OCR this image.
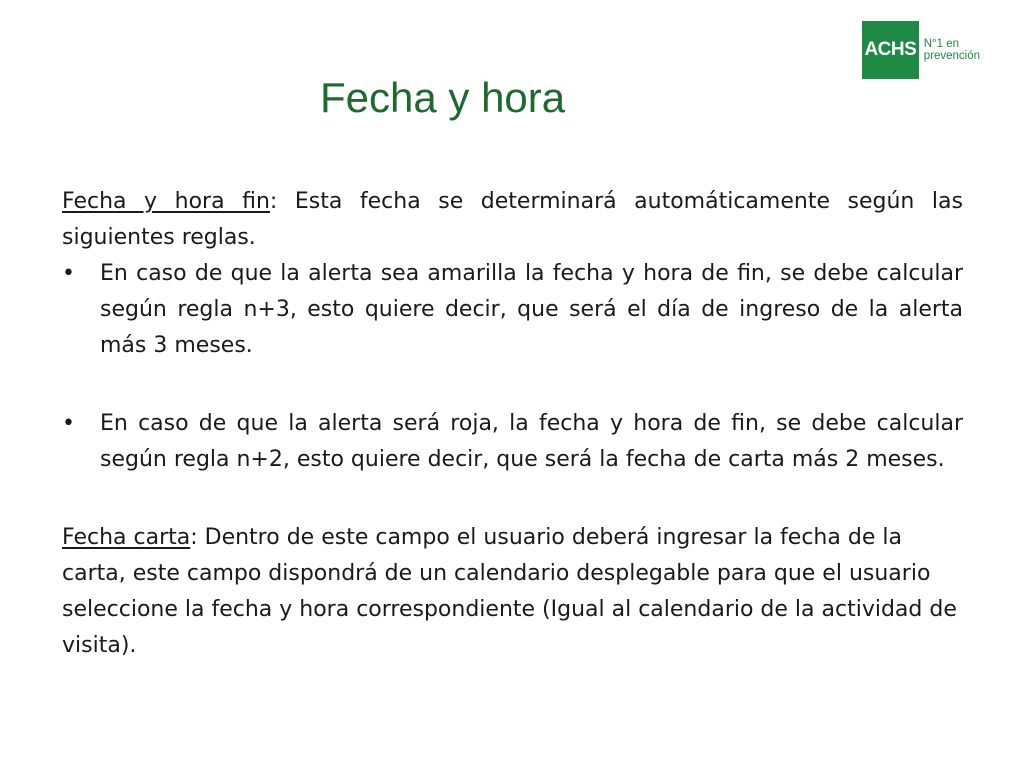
ACHS N°1 en
prevención
Fecha y hora

Fecha y hora fin: Esta fecha se determinará automáticamente según las siguientes reglas.

• En caso de que la alerta sea amarilla la fecha y hora de fin, se debe calcular según regla n+3, esto quiere decir, que será el día de ingreso de la alerta más 3 meses.

• En caso de que la alerta será roja, la fecha y hora de fin, se debe calcular según regla n+2, esto quiere decir, que será la fecha de carta más 2 meses.

Fecha carta: Dentro de este campo el usuario deberá ingresar la fecha de la carta, este campo dispondrá de un calendario desplegable para que el usuario seleccione la fecha y hora correspondiente (Igual al calendario de la actividad de visita).
